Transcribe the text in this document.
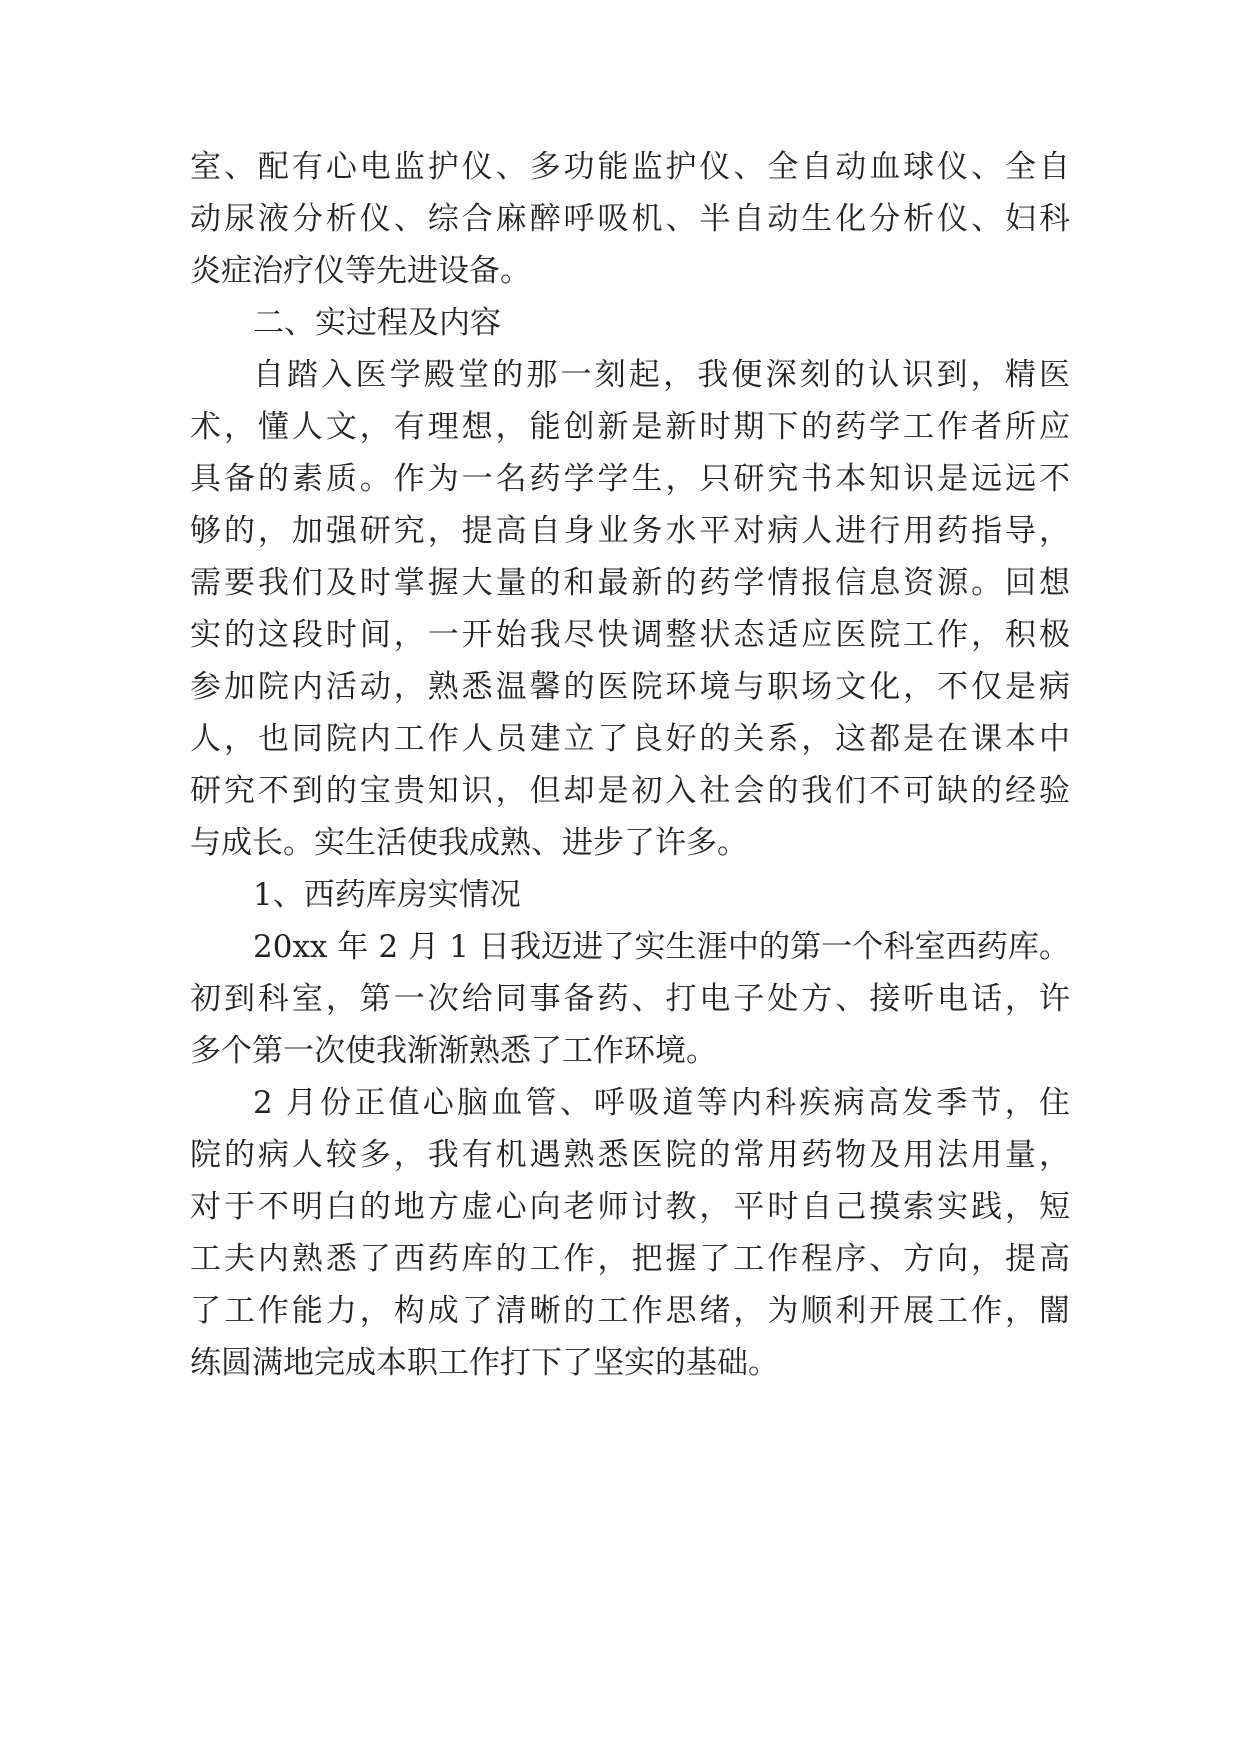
室、配有心电监护仪、多功能监护仪、全自动血球仪、全自
动尿液分析仪、综合麻醉呼吸机、半自动生化分析仪、妇科
炎症治疗仪等先进设备。
二、实过程及内容
自踏入医学殿堂的那一刻起，我便深刻的认识到，精医
术，懂人文，有理想，能创新是新时期下的药学工作者所应
具备的素质。作为一名药学学生，只研究书本知识是远远不
够的，加强研究，提高自身业务水平对病人进行用药指导，
需要我们及时掌握大量的和最新的药学情报信息资源。回想
实的这段时间，一开始我尽快调整状态适应医院工作，积极
参加院内活动，熟悉温馨的医院环境与职场文化，不仅是病
人，也同院内工作人员建立了良好的关系，这都是在课本中
研究不到的宝贵知识，但却是初入社会的我们不可缺的经验
与成长。实生活使我成熟、进步了许多。
1、西药库房实情况
20xx 年 2 月 1 日我迈进了实生涯中的第一个科室西药库。
初到科室，第一次给同事备药、打电子处方、接听电话，许
多个第一次使我渐渐熟悉了工作环境。
2 月份正值心脑血管、呼吸道等内科疾病高发季节，住
院的病人较多，我有机遇熟悉医院的常用药物及用法用量，
对于不明白的地方虚心向老师讨教，平时自己摸索实践，短
工夫内熟悉了西药库的工作，把握了工作程序、方向，提高
了工作能力，构成了清晰的工作思绪，为顺利开展工作，闇
练圆满地完成本职工作打下了坚实的基础。
